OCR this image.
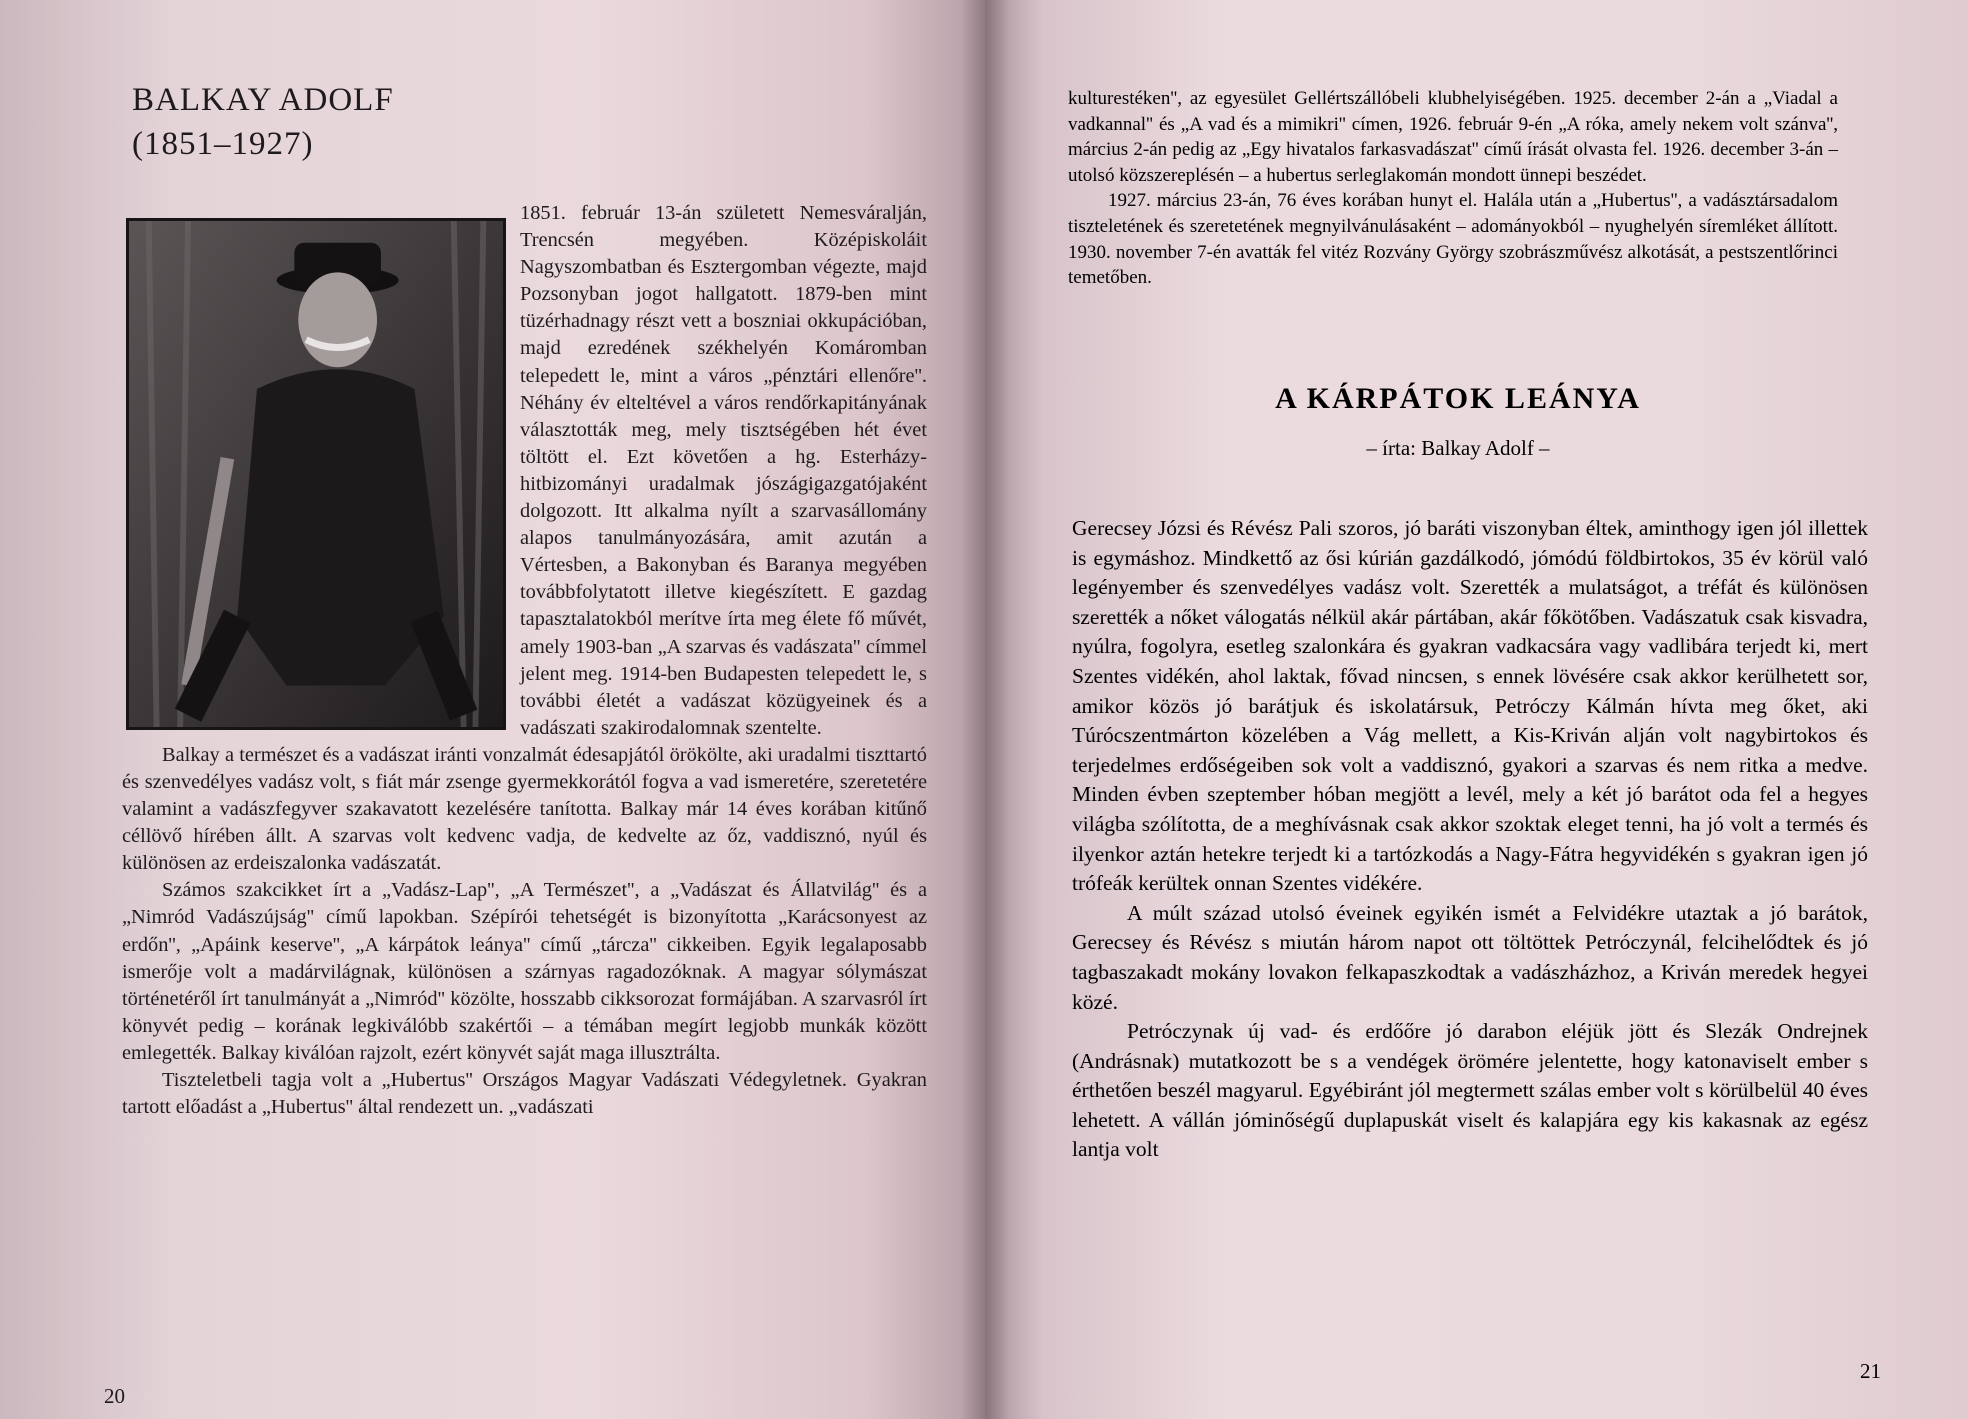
BALKAY ADOLF
(1851–1927)

1851. február 13-án született Nemesváralján, Trencsén megyében. Középiskoláit Nagyszombatban és Esztergomban végezte, majd Pozsonyban jogot hallgatott. 1879-ben mint tüzérhadnagy részt vett a boszniai okkupációban, majd ezredének székhelyén Komáromban telepedett le, mint a város „pénztári ellenőre''. Néhány év elteltével a város rendőrkapitányának választották meg, mely tisztségében hét évet töltött el. Ezt követően a hg. Esterházy-hitbizományi uradalmak jószágigazgatójaként dolgozott. Itt alkalma nyílt a szarvasállomány alapos tanulmányozására, amit azután a Vértesben, a Bakonyban és Baranya megyében továbbfolytatott illetve kiegészített. E gazdag tapasztalatokból merítve írta meg élete fő művét, amely 1903-ban „A szarvas és vadászata'' címmel jelent meg. 1914-ben Budapesten telepedett le, s további életét a vadászat közügyeinek és a vadászati szakirodalomnak szentelte.

Balkay a természet és a vadászat iránti vonzalmát édesapjától örökölte, aki uradalmi tiszttartó és szenvedélyes vadász volt, s fiát már zsenge gyermekkorától fogva a vad ismeretére, szeretetére valamint a vadászfegyver szakavatott kezelésére tanította. Balkay már 14 éves korában kitűnő céllövő hírében állt. A szarvas volt kedvenc vadja, de kedvelte az őz, vaddisznó, nyúl és különösen az erdeiszalonka vadászatát.

Számos szakcikket írt a „Vadász-Lap'', „A Természet'', a „Vadászat és Állatvilág'' és a „Nimród Vadászújság'' című lapokban. Szépírói tehetségét is bizonyította „Karácsonyest az erdőn'', „Apáink keserve'', „A kárpátok leánya'' című „tárcza'' cikkeiben. Egyik legalaposabb ismerője volt a madárvilágnak, különösen a szárnyas ragadozóknak. A magyar sólymászat történetéről írt tanulmányát a „Nimród'' közölte, hosszabb cikksorozat formájában. A szarvasról írt könyvét pedig – korának legkiválóbb szakértői – a témában megírt legjobb munkák között emlegették. Balkay kiválóan rajzolt, ezért könyvét saját maga illusztrálta.

Tiszteletbeli tagja volt a „Hubertus'' Országos Magyar Vadászati Védegyletnek. Gyakran tartott előadást a „Hubertus'' által rendezett un. „vadászati

20

kulturestéken'', az egyesület Gellértszállóbeli klubhelyiségében. 1925. december 2-án a „Viadal a vadkannal'' és „A vad és a mimikri'' címen, 1926. február 9-én „A róka, amely nekem volt szánva'', március 2-án pedig az „Egy hivatalos farkasvadászat'' című írását olvasta fel. 1926. december 3-án – utolsó közszereplésén – a hubertus serleglakomán mondott ünnepi beszédet.

1927. március 23-án, 76 éves korában hunyt el. Halála után a „Hubertus'', a vadásztársadalom tiszteletének és szeretetének megnyilvánulásaként – adományokból – nyughelyén síremléket állított. 1930. november 7-én avatták fel vitéz Rozvány György szobrászművész alkotását, a pestszentlőrinci temetőben.

A KÁRPÁTOK LEÁNYA
– írta: Balkay Adolf –

Gerecsey Józsi és Révész Pali szoros, jó baráti viszonyban éltek, aminthogy igen jól illettek is egymáshoz. Mindkettő az ősi kúrián gazdálkodó, jómódú földbirtokos, 35 év körül való legényember és szenvedélyes vadász volt. Szerették a mulatságot, a tréfát és különösen szerették a nőket válogatás nélkül akár pártában, akár főkötőben. Vadászatuk csak kisvadra, nyúlra, fogolyra, esetleg szalonkára és gyakran vadkacsára vagy vadlibára terjedt ki, mert Szentes vidékén, ahol laktak, fővad nincsen, s ennek lövésére csak akkor kerülhetett sor, amikor közös jó barátjuk és iskolatársuk, Petróczy Kálmán hívta meg őket, aki Túrócszentmárton közelében a Vág mellett, a Kis-Kriván alján volt nagybirtokos és terjedelmes erdőségeiben sok volt a vaddisznó, gyakori a szarvas és nem ritka a medve. Minden évben szeptember hóban megjött a levél, mely a két jó barátot oda fel a hegyes világba szólította, de a meghívásnak csak akkor szoktak eleget tenni, ha jó volt a termés és ilyenkor aztán hetekre terjedt ki a tartózkodás a Nagy-Fátra hegyvidékén s gyakran igen jó trófeák kerültek onnan Szentes vidékére.

A múlt század utolsó éveinek egyikén ismét a Felvidékre utaztak a jó barátok, Gerecsey és Révész s miután három napot ott töltöttek Petróczynál, felcihelődtek és jó tagbaszakadt mokány lovakon felkapaszkodtak a vadászházhoz, a Kriván meredek hegyei közé.

Petróczynak új vad- és erdőőre jó darabon eléjük jött és Slezák Ondrejnek (Andrásnak) mutatkozott be s a vendégek örömére jelentette, hogy katonaviselt ember s érthetően beszél magyarul. Egyébiránt jól megtermett szálas ember volt s körülbelül 40 éves lehetett. A vállán jóminőségű duplapuskát viselt és kalapjára egy kis kakasnak az egész lantja volt

21
